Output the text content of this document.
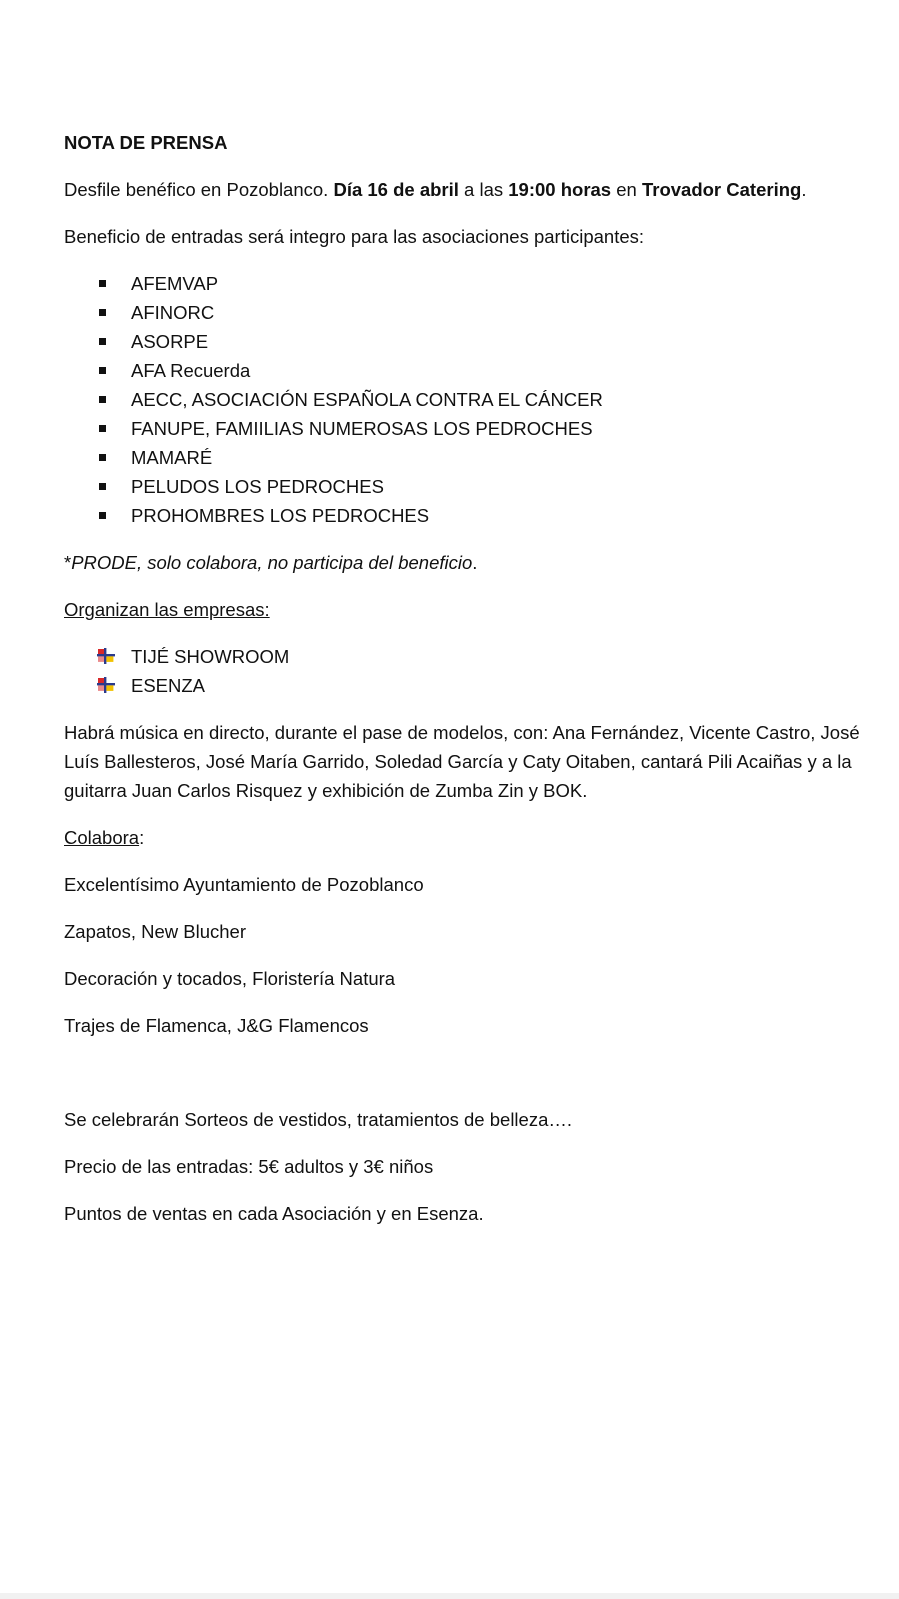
NOTA DE PRENSA

Desfile benéfico en Pozoblanco. Día 16 de abril a las 19:00 horas en Trovador Catering.

Beneficio de entradas será integro para las asociaciones participantes:

AFEMVAP
AFINORC
ASORPE
AFA Recuerda
AECC, ASOCIACIÓN ESPAÑOLA CONTRA EL CÁNCER
FANUPE, FAMIILIAS NUMEROSAS LOS PEDROCHES
MAMARÉ
PELUDOS LOS PEDROCHES
PROHOMBRES LOS PEDROCHES

*PRODE, solo colabora, no participa del beneficio.

Organizan las empresas:

TIJÉ SHOWROOM
ESENZA

Habrá música en directo, durante el pase de modelos, con: Ana Fernández, Vicente Castro, José Luís Ballesteros, José María Garrido, Soledad García y Caty Oitaben, cantará Pili Acaiñas y a la guitarra Juan Carlos Risquez y exhibición de Zumba Zin y BOK.

Colabora:

Excelentísimo Ayuntamiento de Pozoblanco

Zapatos, New Blucher

Decoración y tocados, Floristería Natura

Trajes de Flamenca, J&G Flamencos

Se celebrarán Sorteos de vestidos, tratamientos de belleza….

Precio de las entradas: 5€ adultos y 3€ niños

Puntos de ventas en cada Asociación y en Esenza.
